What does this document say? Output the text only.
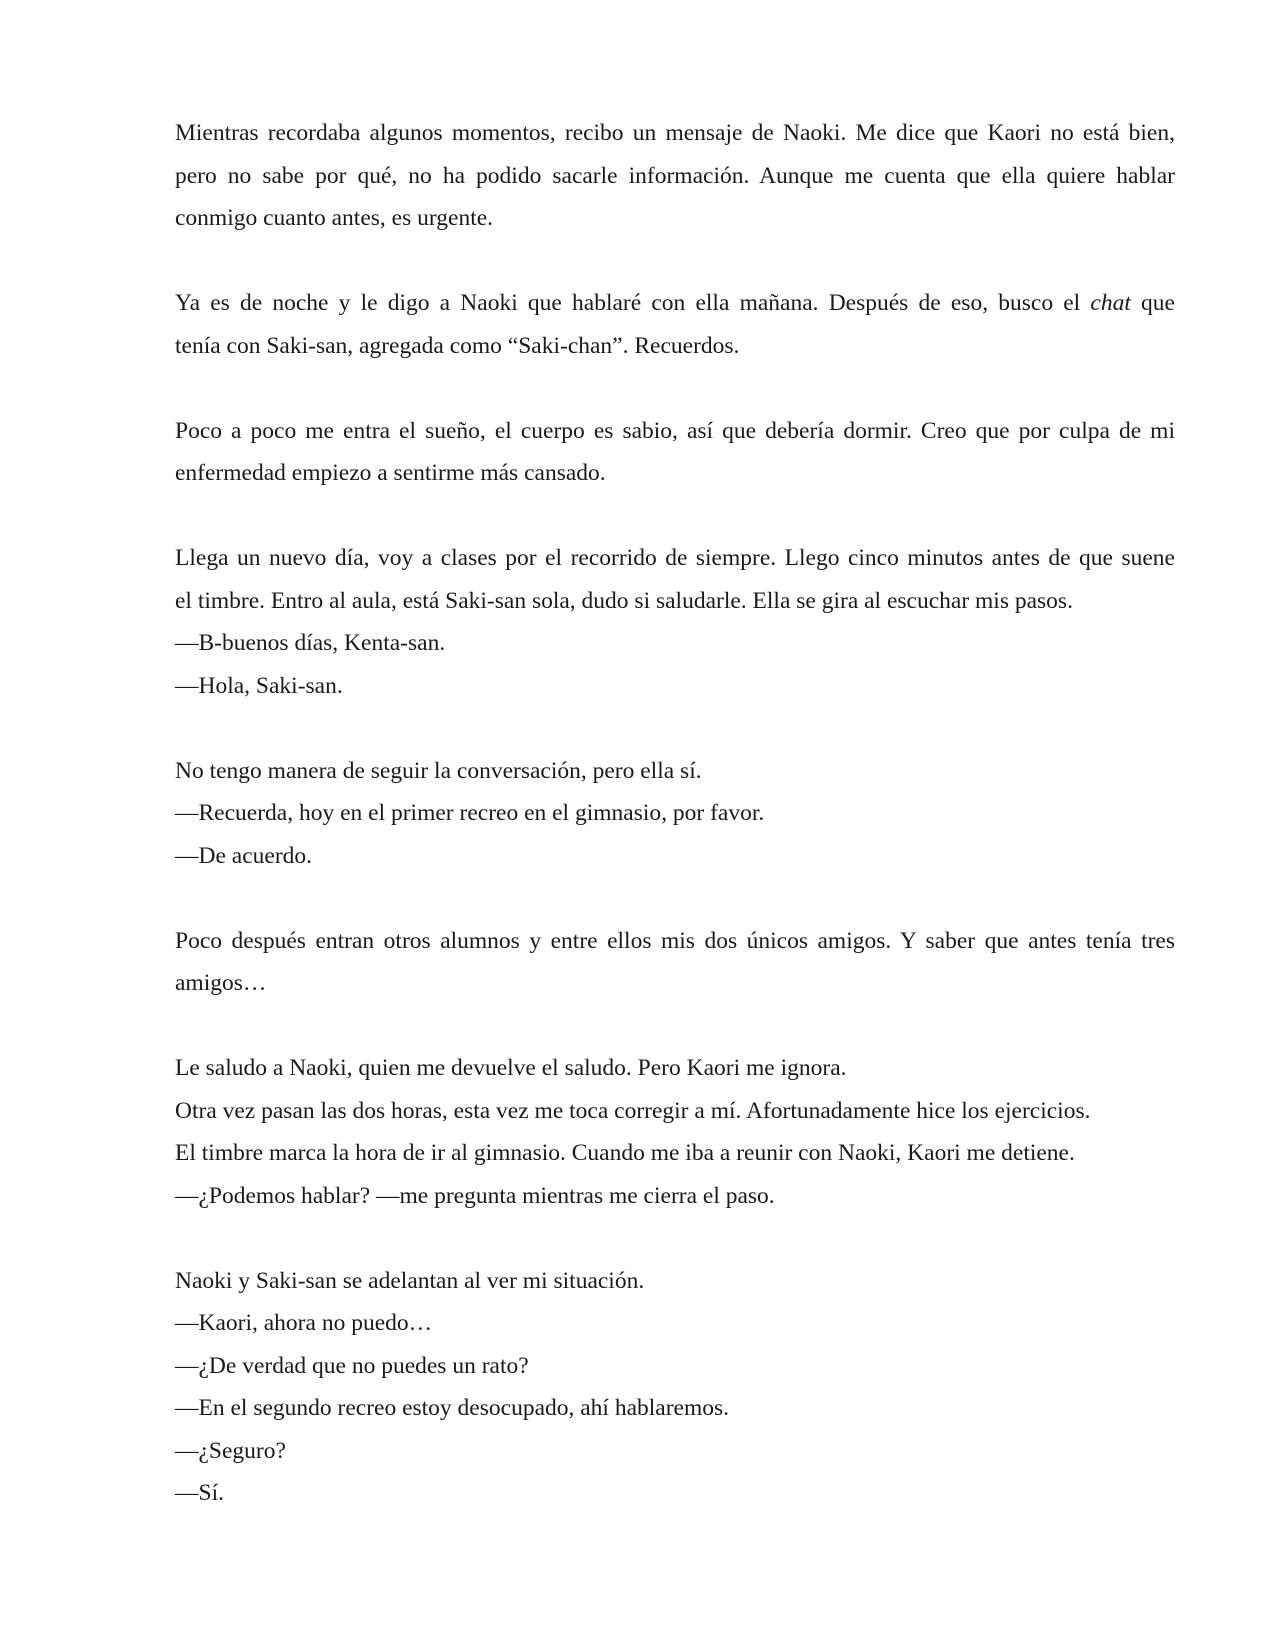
Mientras recordaba algunos momentos, recibo un mensaje de Naoki. Me dice que Kaori no está bien,
pero no sabe por qué, no ha podido sacarle información. Aunque me cuenta que ella quiere hablar
conmigo cuanto antes, es urgente.

Ya es de noche y le digo a Naoki que hablaré con ella mañana. Después de eso, busco el chat que
tenía con Saki-san, agregada como “Saki-chan”. Recuerdos.

Poco a poco me entra el sueño, el cuerpo es sabio, así que debería dormir. Creo que por culpa de mi
enfermedad empiezo a sentirme más cansado.

Llega un nuevo día, voy a clases por el recorrido de siempre. Llego cinco minutos antes de que suene
el timbre. Entro al aula, está Saki-san sola, dudo si saludarle. Ella se gira al escuchar mis pasos.
—B-buenos días, Kenta-san.
—Hola, Saki-san.

No tengo manera de seguir la conversación, pero ella sí.
—Recuerda, hoy en el primer recreo en el gimnasio, por favor.
—De acuerdo.

Poco después entran otros alumnos y entre ellos mis dos únicos amigos. Y saber que antes tenía tres
amigos…

Le saludo a Naoki, quien me devuelve el saludo. Pero Kaori me ignora.
Otra vez pasan las dos horas, esta vez me toca corregir a mí. Afortunadamente hice los ejercicios.
El timbre marca la hora de ir al gimnasio. Cuando me iba a reunir con Naoki, Kaori me detiene.
—¿Podemos hablar? —me pregunta mientras me cierra el paso.

Naoki y Saki-san se adelantan al ver mi situación.
—Kaori, ahora no puedo…
—¿De verdad que no puedes un rato?
—En el segundo recreo estoy desocupado, ahí hablaremos.
—¿Seguro?
—Sí.
